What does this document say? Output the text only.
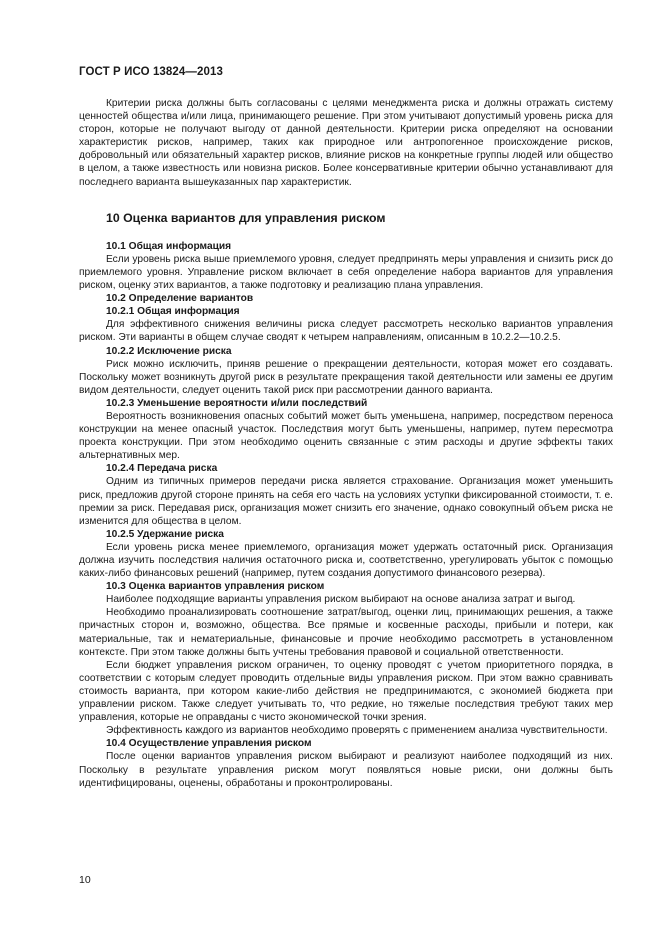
ГОСТ Р ИСО 13824—2013

Критерии риска должны быть согласованы с целями менеджмента риска и должны отражать систему ценностей общества и/или лица, принимающего решение. При этом учитывают допустимый уровень риска для сторон, которые не получают выгоду от данной деятельности. Критерии риска определяют на основании характеристик рисков, например, таких как природное или антропогенное происхождение рисков, добровольный или обязательный характер рисков, влияние рисков на конкретные группы людей или общество в целом, а также известность или новизна рисков. Более консервативные критерии обычно устанавливают для последнего варианта вышеуказанных пар характеристик.

10 Оценка вариантов для управления риском
10.1 Общая информация

Если уровень риска выше приемлемого уровня, следует предпринять меры управления и снизить риск до приемлемого уровня. Управление риском включает в себя определение набора вариантов для управления риском, оценку этих вариантов, а также подготовку и реализацию плана управления.

10.2 Определение вариантов
10.2.1 Общая информация

Для эффективного снижения величины риска следует рассмотреть несколько вариантов управления риском. Эти варианты в общем случае сводят к четырем направлениям, описанным в 10.2.2—10.2.5.

10.2.2 Исключение риска

Риск можно исключить, приняв решение о прекращении деятельности, которая может его создавать. Поскольку может возникнуть другой риск в результате прекращения такой деятельности или замены ее другим видом деятельности, следует оценить такой риск при рассмотрении данного варианта.

10.2.3 Уменьшение вероятности и/или последствий

Вероятность возникновения опасных событий может быть уменьшена, например, посредством переноса конструкции на менее опасный участок. Последствия могут быть уменьшены, например, путем пересмотра проекта конструкции. При этом необходимо оценить связанные с этим расходы и другие эффекты таких альтернативных мер.

10.2.4 Передача риска

Одним из типичных примеров передачи риска является страхование. Организация может уменьшить риск, предложив другой стороне принять на себя его часть на условиях уступки фиксированной стоимости, т. е. премии за риск. Передавая риск, организация может снизить его значение, однако совокупный объем риска не изменится для общества в целом.

10.2.5 Удержание риска

Если уровень риска менее приемлемого, организация может удержать остаточный риск. Организация должна изучить последствия наличия остаточного риска и, соответственно, урегулировать убыток с помощью каких-либо финансовых решений (например, путем создания допустимого финансового резерва).

10.3 Оценка вариантов управления риском

Наиболее подходящие варианты управления риском выбирают на основе анализа затрат и выгод.

Необходимо проанализировать соотношение затрат/выгод, оценки лиц, принимающих решения, а также причастных сторон и, возможно, общества. Все прямые и косвенные расходы, прибыли и потери, как материальные, так и нематериальные, финансовые и прочие необходимо рассмотреть в установленном контексте. При этом также должны быть учтены требования правовой и социальной ответственности.

Если бюджет управления риском ограничен, то оценку проводят с учетом приоритетного порядка, в соответствии с которым следует проводить отдельные виды управления риском. При этом важно сравнивать стоимость варианта, при котором какие-либо действия не предпринимаются, с экономией бюджета при управлении риском. Также следует учитывать то, что редкие, но тяжелые последствия требуют таких мер управления, которые не оправданы с чисто экономической точки зрения.

Эффективность каждого из вариантов необходимо проверять с применением анализа чувствительности.

10.4 Осуществление управления риском

После оценки вариантов управления риском выбирают и реализуют наиболее подходящий из них. Поскольку в результате управления риском могут появляться новые риски, они должны быть идентифицированы, оценены, обработаны и проконтролированы.

10
